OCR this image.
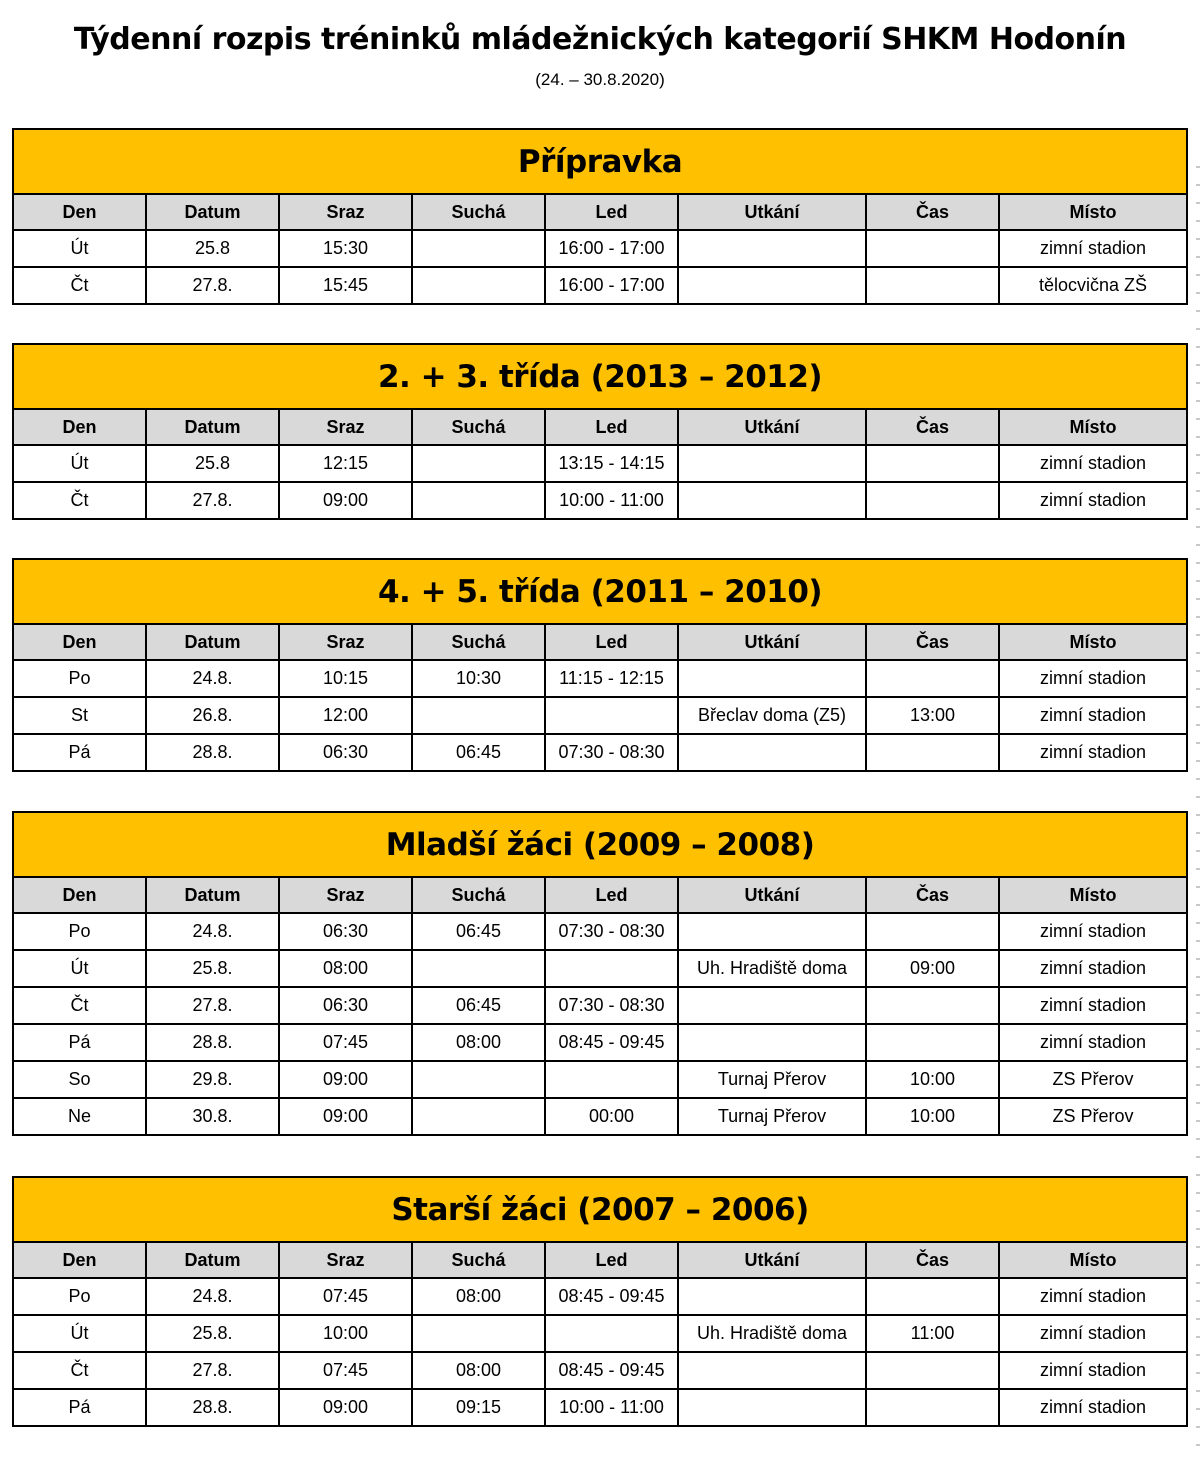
Týdenní rozpis tréninků mládežnických kategorií SHKM Hodonín
(24. – 30.8.2020)
Přípravka							
Den	Datum	Sraz	Suchá	Led	Utkání	Čas	Místo
Út	25.8	15:30		16:00 - 17:00			zimní stadion
Čt	27.8.	15:45		16:00 - 17:00			tělocvična ZŠ
2. + 3. třída (2013 – 2012)							
Den	Datum	Sraz	Suchá	Led	Utkání	Čas	Místo
Út	25.8	12:15		13:15 - 14:15			zimní stadion
Čt	27.8.	09:00		10:00 - 11:00			zimní stadion
4. + 5. třída (2011 – 2010)							
Den	Datum	Sraz	Suchá	Led	Utkání	Čas	Místo
Po	24.8.	10:15	10:30	11:15 - 12:15			zimní stadion
St	26.8.	12:00			Břeclav doma (Z5)	13:00	zimní stadion
Pá	28.8.	06:30	06:45	07:30 - 08:30			zimní stadion
Mladší žáci (2009 – 2008)							
Den	Datum	Sraz	Suchá	Led	Utkání	Čas	Místo
Po	24.8.	06:30	06:45	07:30 - 08:30			zimní stadion
Út	25.8.	08:00			Uh. Hradiště doma	09:00	zimní stadion
Čt	27.8.	06:30	06:45	07:30 - 08:30			zimní stadion
Pá	28.8.	07:45	08:00	08:45 - 09:45			zimní stadion
So	29.8.	09:00			Turnaj Přerov	10:00	ZS Přerov
Ne	30.8.	09:00		00:00	Turnaj Přerov	10:00	ZS Přerov
Starší žáci (2007 – 2006)							
Den	Datum	Sraz	Suchá	Led	Utkání	Čas	Místo
Po	24.8.	07:45	08:00	08:45 - 09:45			zimní stadion
Út	25.8.	10:00			Uh. Hradiště doma	11:00	zimní stadion
Čt	27.8.	07:45	08:00	08:45 - 09:45			zimní stadion
Pá	28.8.	09:00	09:15	10:00 - 11:00			zimní stadion
